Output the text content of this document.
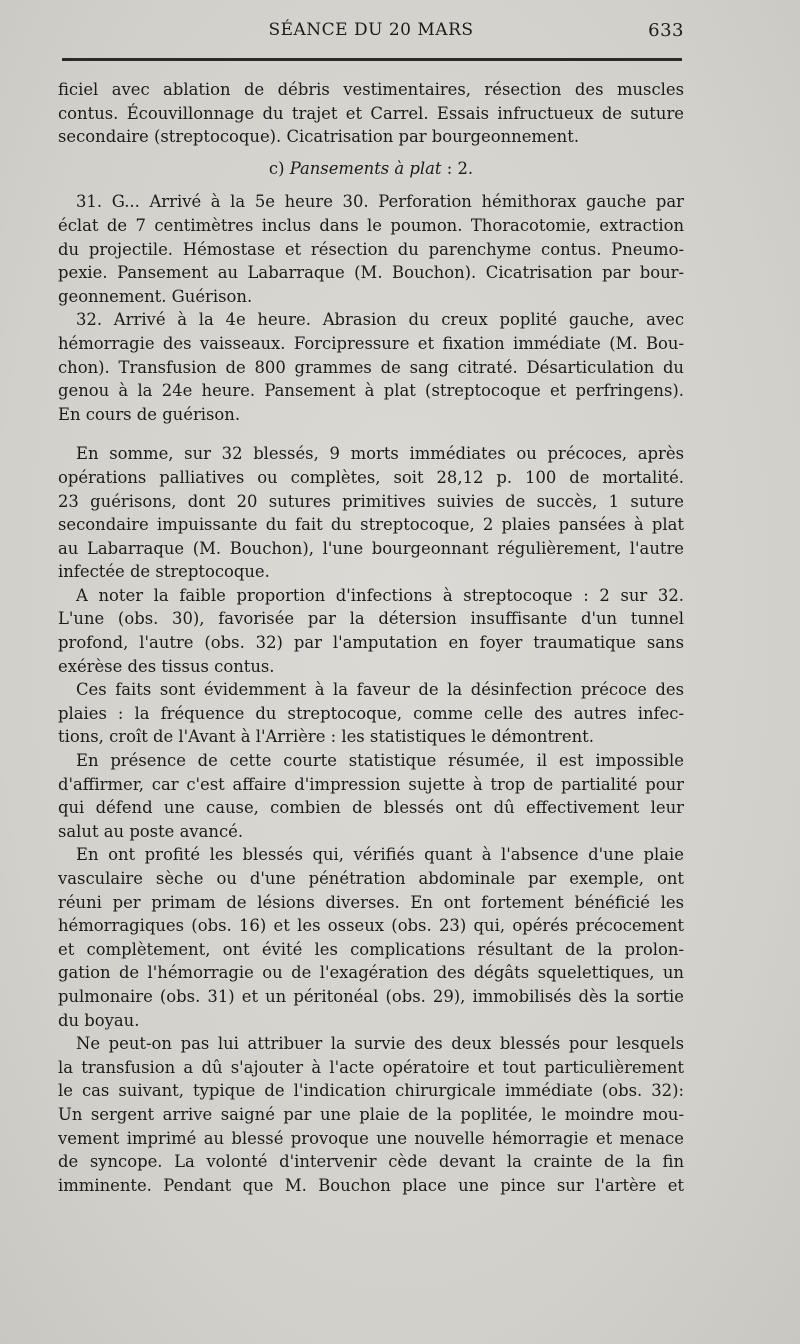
SÉANCE DU 20 MARS	633
ficiel avec ablation de débris vestimentaires, résection des muscles
contus. Écouvillonnage du trajet et Carrel. Essais infructueux de suture
secondaire (streptocoque). Cicatrisation par bourgeonnement.
c) Pansements à plat : 2.
31. G... Arrivé à la 5e heure 30. Perforation hémithorax gauche par
éclat de 7 centimètres inclus dans le poumon. Thoracotomie, extraction
du projectile. Hémostase et résection du parenchyme contus. Pneumo-
pexie. Pansement au Labarraque (M. Bouchon). Cicatrisation par bour-
geonnement. Guérison.
32. Arrivé à la 4e heure. Abrasion du creux poplité gauche, avec
hémorragie des vaisseaux. Forcipressure et fixation immédiate (M. Bou-
chon). Transfusion de 800 grammes de sang citraté. Désarticulation du
genou à la 24e heure. Pansement à plat (streptocoque et perfringens).
En cours de guérison.
En somme, sur 32 blessés, 9 morts immédiates ou précoces, après
opérations palliatives ou complètes, soit 28,12 p. 100 de mortalité.
23 guérisons, dont 20 sutures primitives suivies de succès, 1 suture
secondaire impuissante du fait du streptocoque, 2 plaies pansées à plat
au Labarraque (M. Bouchon), l'une bourgeonnant régulièrement, l'autre
infectée de streptocoque.
A noter la faible proportion d'infections à streptocoque : 2 sur 32.
L'une (obs. 30), favorisée par la détersion insuffisante d'un tunnel
profond, l'autre (obs. 32) par l'amputation en foyer traumatique sans
exérèse des tissus contus.
Ces faits sont évidemment à la faveur de la désinfection précoce des
plaies : la fréquence du streptocoque, comme celle des autres infec-
tions, croît de l'Avant à l'Arrière : les statistiques le démontrent.
En présence de cette courte statistique résumée, il est impossible
d'affirmer, car c'est affaire d'impression sujette à trop de partialité pour
qui défend une cause, combien de blessés ont dû effectivement leur
salut au poste avancé.
En ont profité les blessés qui, vérifiés quant à l'absence d'une plaie
vasculaire sèche ou d'une pénétration abdominale par exemple, ont
réuni per primam de lésions diverses. En ont fortement bénéficié les
hémorragiques (obs. 16) et les osseux (obs. 23) qui, opérés précocement
et complètement, ont évité les complications résultant de la prolon-
gation de l'hémorragie ou de l'exagération des dégâts squelettiques, un
pulmonaire (obs. 31) et un péritonéal (obs. 29), immobilisés dès la sortie
du boyau.
Ne peut-on pas lui attribuer la survie des deux blessés pour lesquels
la transfusion a dû s'ajouter à l'acte opératoire et tout particulièrement
le cas suivant, typique de l'indication chirurgicale immédiate (obs. 32):
Un sergent arrive saigné par une plaie de la poplitée, le moindre mou-
vement imprimé au blessé provoque une nouvelle hémorragie et menace
de syncope. La volonté d'intervenir cède devant la crainte de la fin
imminente. Pendant que M. Bouchon place une pince sur l'artère et
